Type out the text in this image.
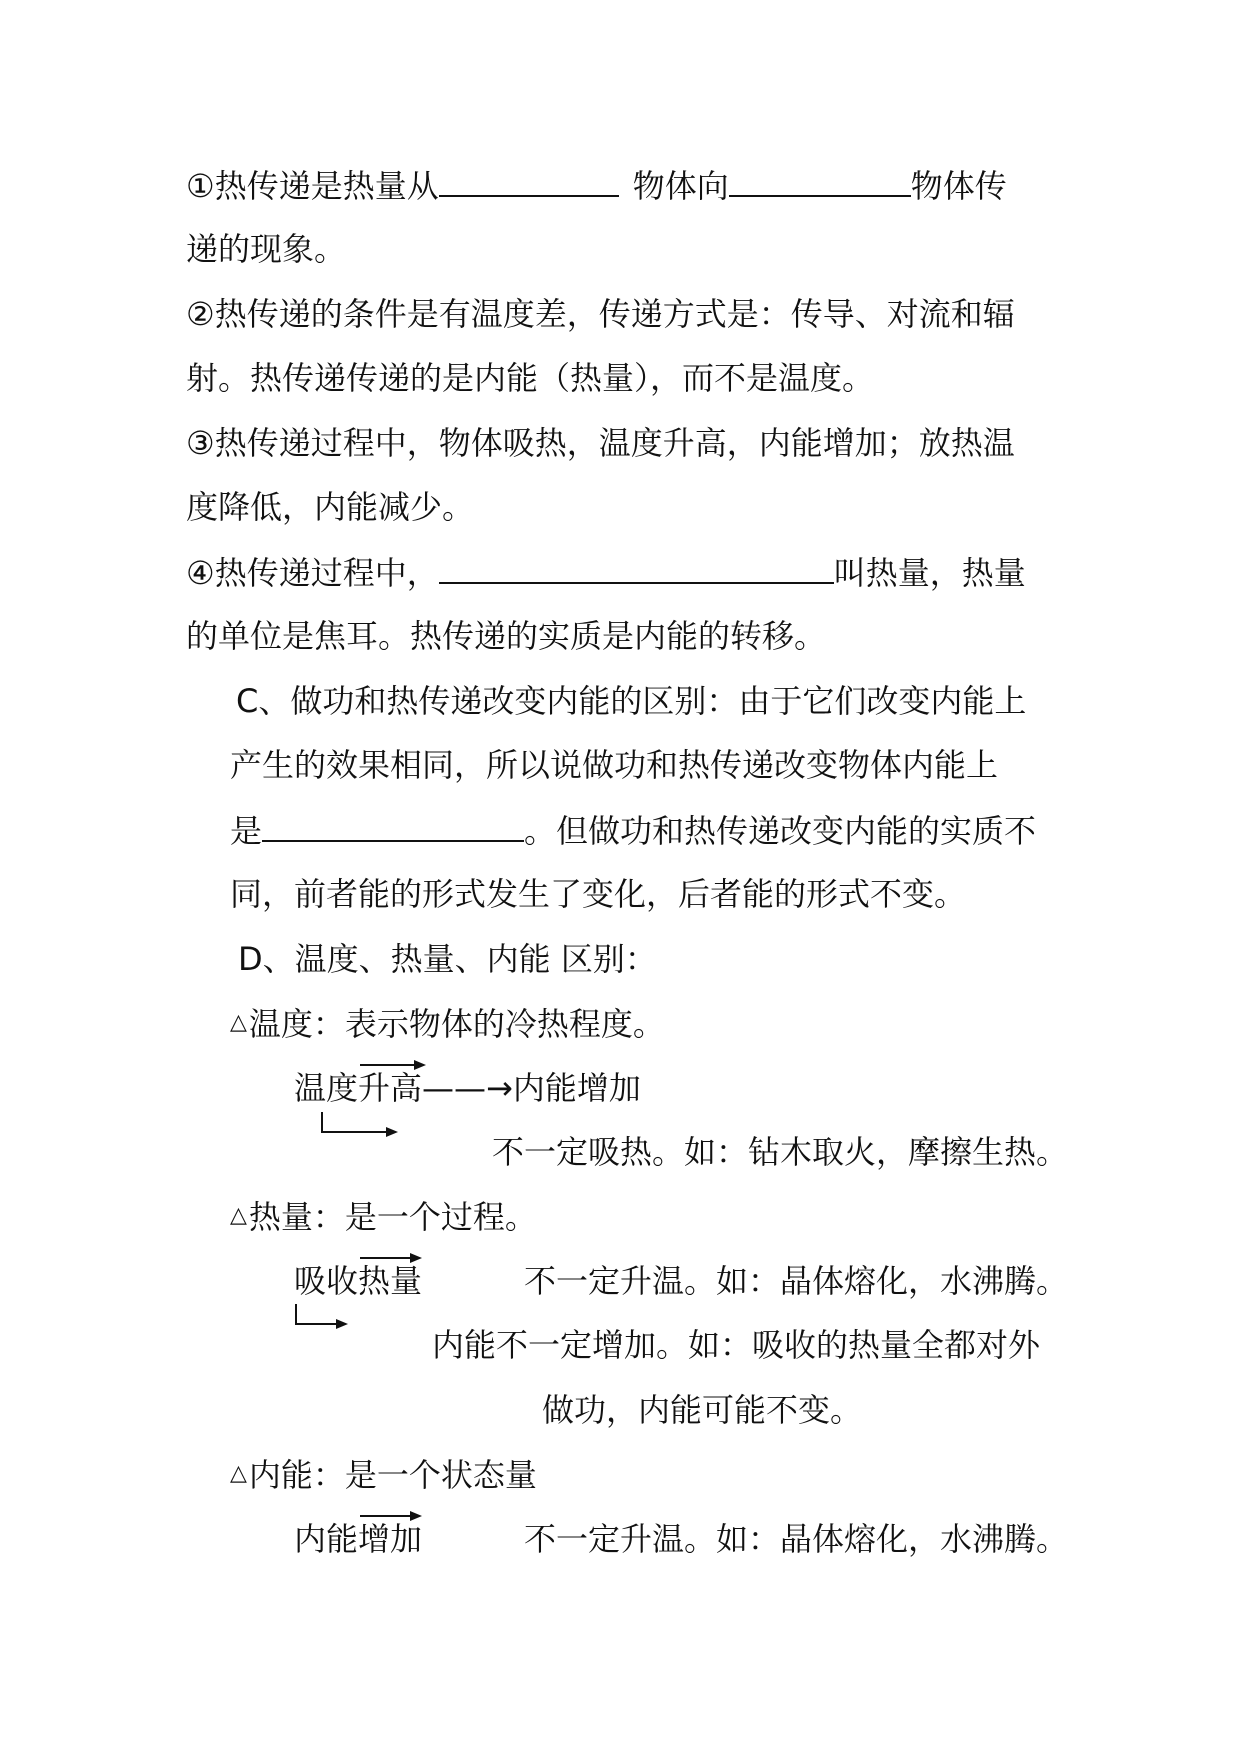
①热传递是热量从	物体向	物体传
递的现象。
②热传递的条件是有温度差，传递方式是：传导、对流和辐
射。热传递传递的是内能（热量），而不是温度。
③热传递过程中，物体吸热，温度升高，内能增加；放热温
度降低，内能减少。
④热传递过程中，	叫热量，热量
的单位是焦耳。热传递的实质是内能的转移。
C、做功和热传递改变内能的区别：由于它们改变内能上
产生的效果相同，所以说做功和热传递改变物体内能上
是	。但做功和热传递改变内能的实质不
同，前者能的形式发生了变化，后者能的形式不变。
D、温度、热量、内能 区别：
△温度：表示物体的冷热程度。
温度升高——→内能增加
不一定吸热。如：钻木取火，摩擦生热。
△热量：是一个过程。
吸收热量	不一定升温。如：晶体熔化，水沸腾。
内能不一定增加。如：吸收的热量全都对外
做功，内能可能不变。
△内能：是一个状态量
内能增加	不一定升温。如：晶体熔化，水沸腾。
